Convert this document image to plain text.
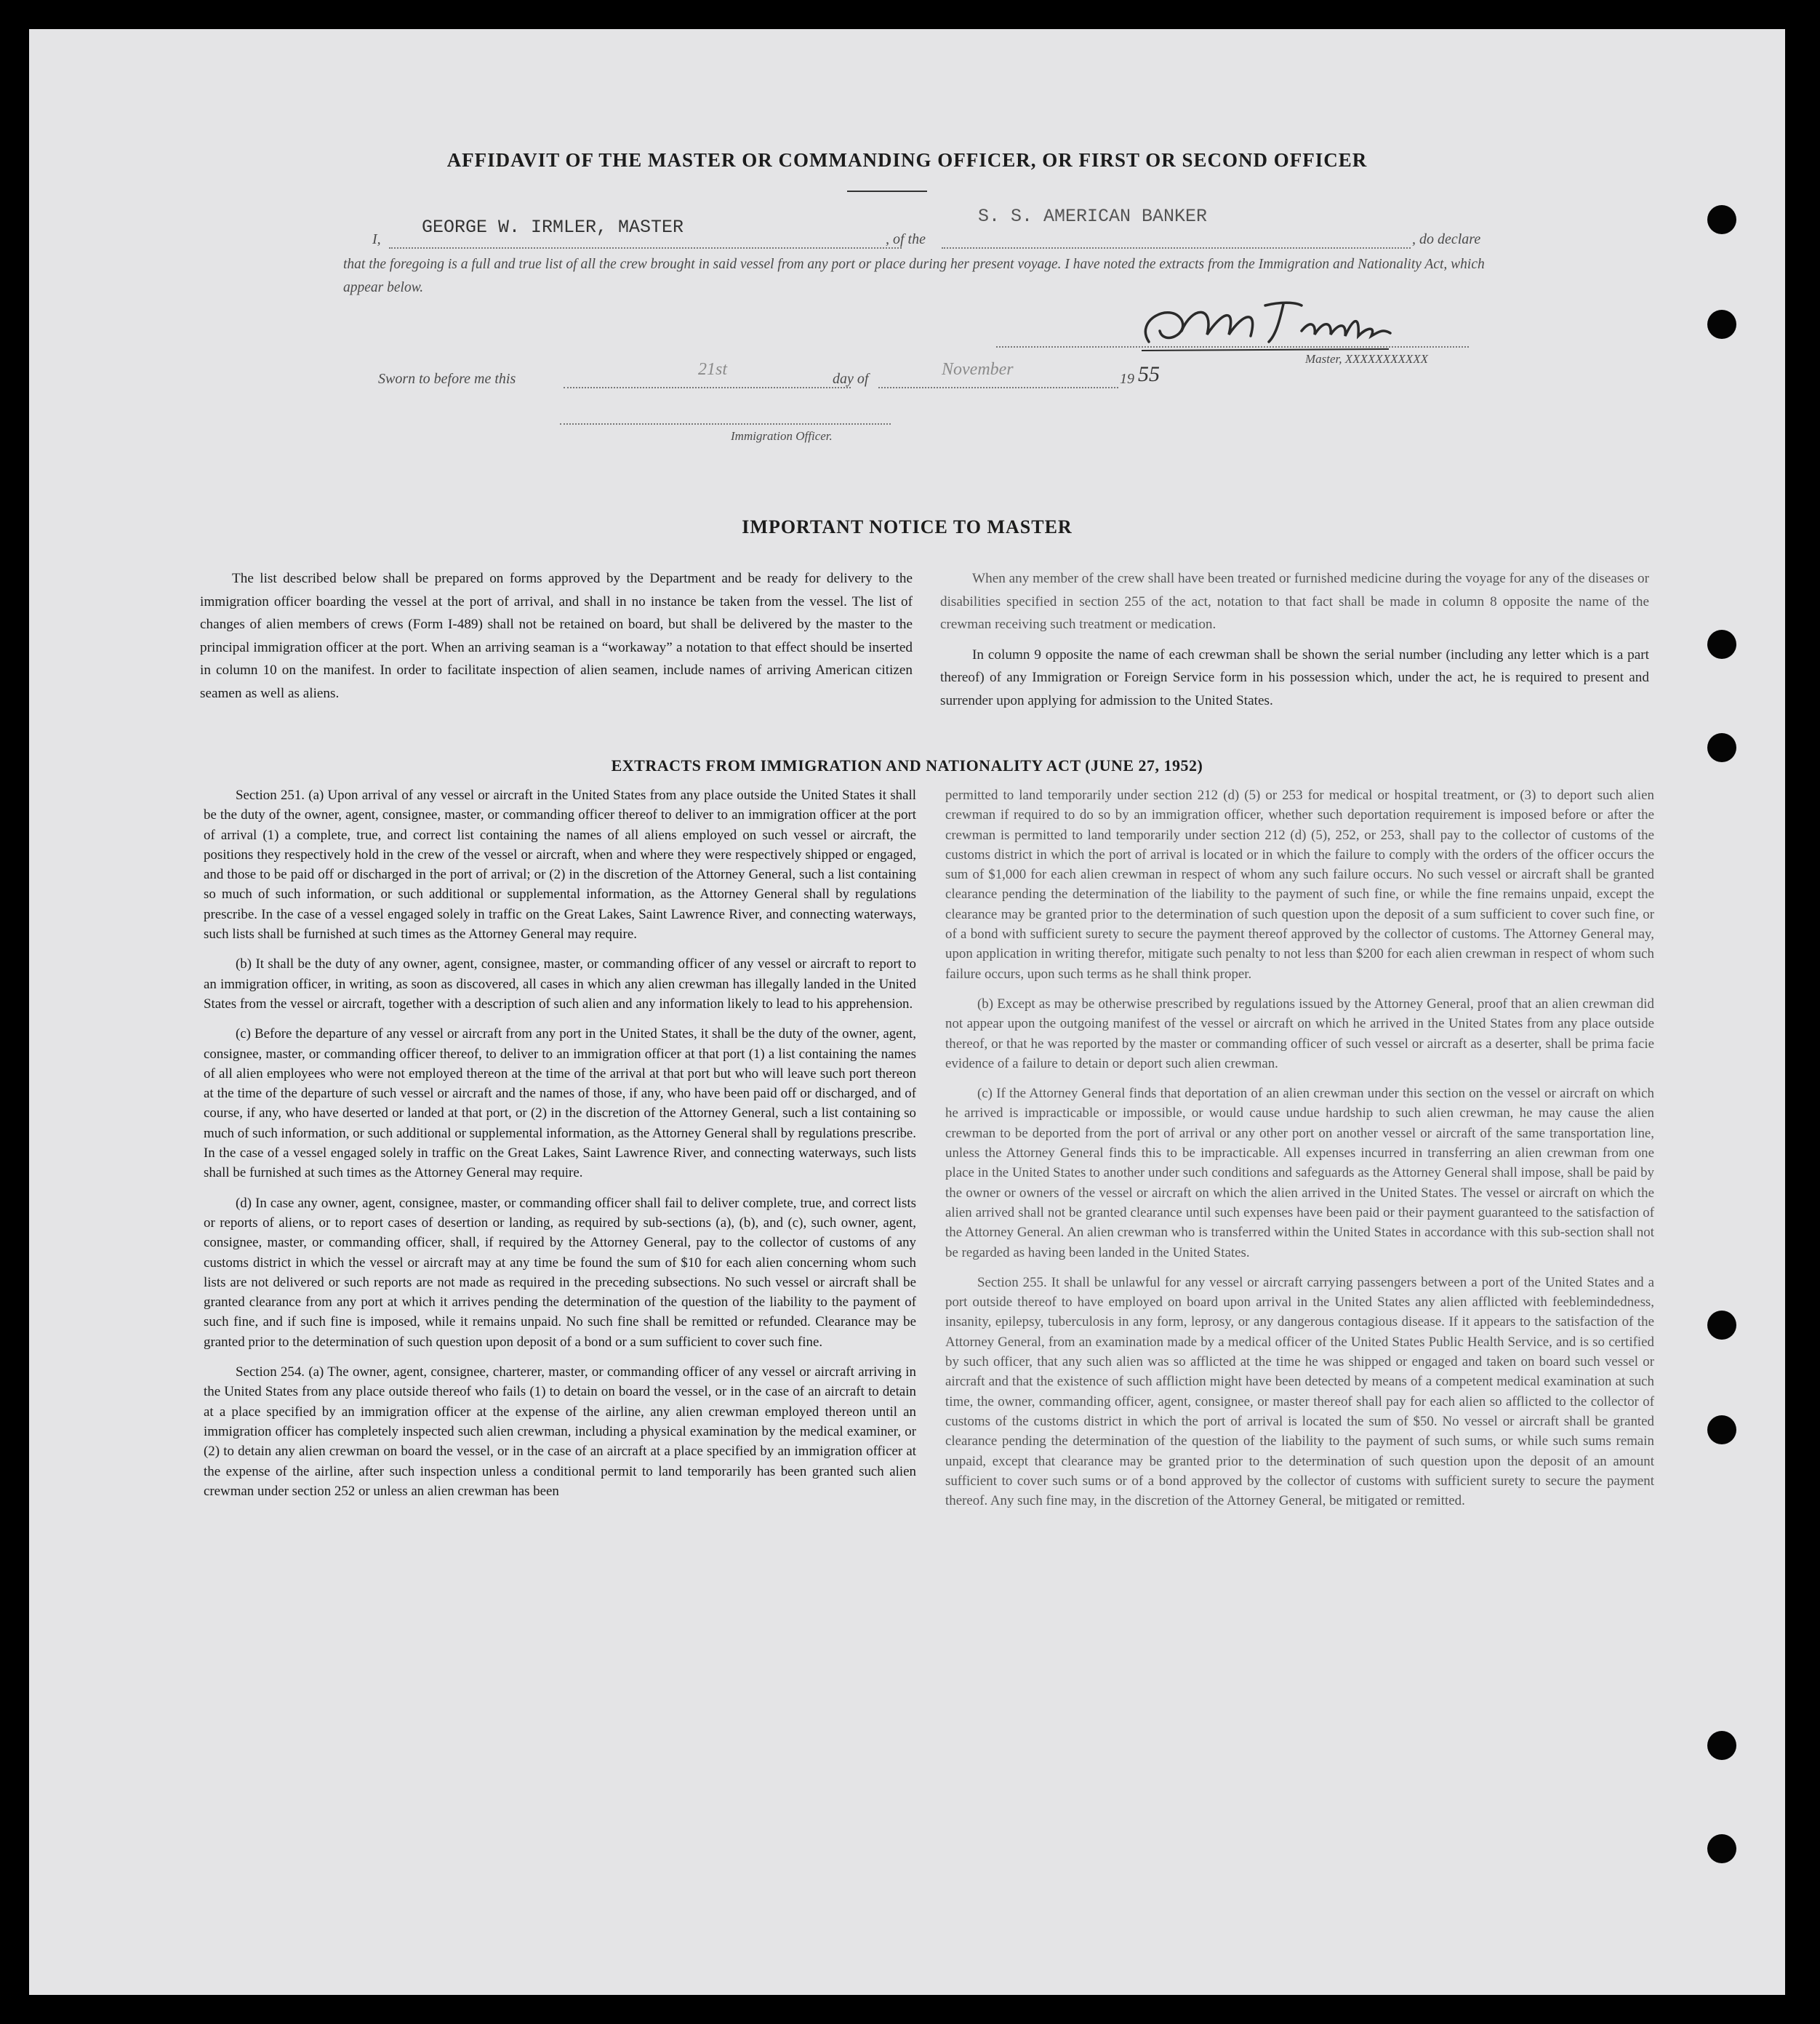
AFFIDAVIT OF THE MASTER OR COMMANDING OFFICER, OR FIRST OR SECOND OFFICER
I,
GEORGE W. IRMLER, MASTER
, of the
S. S. AMERICAN BANKER
, do declare
that the foregoing is a full and true list of all the crew brought in said vessel from any port or place during her present voyage. I have noted the extracts from the Immigration and Nationality Act, which appear below.
Master, XXXXXXXXXXX
Sworn to before me this	21st	day of	November	19 55
Immigration Officer.
IMPORTANT NOTICE TO MASTER

The list described below shall be prepared on forms approved by the Department and be ready for delivery to the immigration officer boarding the vessel at the port of arrival, and shall in no instance be taken from the vessel. The list of changes of alien members of crews (Form I-489) shall not be retained on board, but shall be delivered by the master to the principal immigration officer at the port. When an arriving seaman is a “workaway” a notation to that effect should be inserted in column 10 on the manifest. In order to facilitate inspection of alien seamen, include names of arriving American citizen seamen as well as aliens.

When any member of the crew shall have been treated or furnished medicine during the voyage for any of the diseases or disabilities specified in section 255 of the act, notation to that fact shall be made in column 8 opposite the name of the crewman receiving such treatment or medication.

In column 9 opposite the name of each crewman shall be shown the serial number (including any letter which is a part thereof) of any Immigration or Foreign Service form in his possession which, under the act, he is required to present and surrender upon applying for admission to the United States.

EXTRACTS FROM IMMIGRATION AND NATIONALITY ACT (JUNE 27, 1952)

Section 251. (a) Upon arrival of any vessel or aircraft in the United States from any place outside the United States it shall be the duty of the owner, agent, consignee, master, or commanding officer thereof to deliver to an immigration officer at the port of arrival (1) a complete, true, and correct list containing the names of all aliens employed on such vessel or aircraft, the positions they respectively hold in the crew of the vessel or aircraft, when and where they were respectively shipped or engaged, and those to be paid off or discharged in the port of arrival; or (2) in the discretion of the Attorney General, such a list containing so much of such information, or such additional or supplemental information, as the Attorney General shall by regulations prescribe. In the case of a vessel engaged solely in traffic on the Great Lakes, Saint Lawrence River, and connecting waterways, such lists shall be furnished at such times as the Attorney General may require.

(b) It shall be the duty of any owner, agent, consignee, master, or commanding officer of any vessel or aircraft to report to an immigration officer, in writing, as soon as discovered, all cases in which any alien crewman has illegally landed in the United States from the vessel or aircraft, together with a description of such alien and any information likely to lead to his apprehension.

(c) Before the departure of any vessel or aircraft from any port in the United States, it shall be the duty of the owner, agent, consignee, master, or commanding officer thereof, to deliver to an immigration officer at that port (1) a list containing the names of all alien employees who were not employed thereon at the time of the arrival at that port but who will leave such port thereon at the time of the departure of such vessel or aircraft and the names of those, if any, who have been paid off or discharged, and of course, if any, who have deserted or landed at that port, or (2) in the discretion of the Attorney General, such a list containing so much of such information, or such additional or supplemental information, as the Attorney General shall by regulations prescribe. In the case of a vessel engaged solely in traffic on the Great Lakes, Saint Lawrence River, and connecting waterways, such lists shall be furnished at such times as the Attorney General may require.

(d) In case any owner, agent, consignee, master, or commanding officer shall fail to deliver complete, true, and correct lists or reports of aliens, or to report cases of desertion or landing, as required by sub-sections (a), (b), and (c), such owner, agent, consignee, master, or commanding officer, shall, if required by the Attorney General, pay to the collector of customs of any customs district in which the vessel or aircraft may at any time be found the sum of $10 for each alien concerning whom such lists are not delivered or such reports are not made as required in the preceding subsections. No such vessel or aircraft shall be granted clearance from any port at which it arrives pending the determination of the question of the liability to the payment of such fine, and if such fine is imposed, while it remains unpaid. No such fine shall be remitted or refunded. Clearance may be granted prior to the determination of such question upon deposit of a bond or a sum sufficient to cover such fine.

Section 254. (a) The owner, agent, consignee, charterer, master, or commanding officer of any vessel or aircraft arriving in the United States from any place outside thereof who fails (1) to detain on board the vessel, or in the case of an aircraft to detain at a place specified by an immigration officer at the expense of the airline, any alien crewman employed thereon until an immigration officer has completely inspected such alien crewman, including a physical examination by the medical examiner, or (2) to detain any alien crewman on board the vessel, or in the case of an aircraft at a place specified by an immigration officer at the expense of the airline, after such inspection unless a conditional permit to land temporarily has been granted such alien crewman under section 252 or unless an alien crewman has been

permitted to land temporarily under section 212 (d) (5) or 253 for medical or hospital treatment, or (3) to deport such alien crewman if required to do so by an immigration officer, whether such deportation requirement is imposed before or after the crewman is permitted to land temporarily under section 212 (d) (5), 252, or 253, shall pay to the collector of customs of the customs district in which the port of arrival is located or in which the failure to comply with the orders of the officer occurs the sum of $1,000 for each alien crewman in respect of whom any such failure occurs. No such vessel or aircraft shall be granted clearance pending the determination of the liability to the payment of such fine, or while the fine remains unpaid, except the clearance may be granted prior to the determination of such question upon the deposit of a sum sufficient to cover such fine, or of a bond with sufficient surety to secure the payment thereof approved by the collector of customs. The Attorney General may, upon application in writing therefor, mitigate such penalty to not less than $200 for each alien crewman in respect of whom such failure occurs, upon such terms as he shall think proper.

(b) Except as may be otherwise prescribed by regulations issued by the Attorney General, proof that an alien crewman did not appear upon the outgoing manifest of the vessel or aircraft on which he arrived in the United States from any place outside thereof, or that he was reported by the master or commanding officer of such vessel or aircraft as a deserter, shall be prima facie evidence of a failure to detain or deport such alien crewman.

(c) If the Attorney General finds that deportation of an alien crewman under this section on the vessel or aircraft on which he arrived is impracticable or impossible, or would cause undue hardship to such alien crewman, he may cause the alien crewman to be deported from the port of arrival or any other port on another vessel or aircraft of the same transportation line, unless the Attorney General finds this to be impracticable. All expenses incurred in transferring an alien crewman from one place in the United States to another under such conditions and safeguards as the Attorney General shall impose, shall be paid by the owner or owners of the vessel or aircraft on which the alien arrived in the United States. The vessel or aircraft on which the alien arrived shall not be granted clearance until such expenses have been paid or their payment guaranteed to the satisfaction of the Attorney General. An alien crewman who is transferred within the United States in accordance with this sub-section shall not be regarded as having been landed in the United States.

Section 255. It shall be unlawful for any vessel or aircraft carrying passengers between a port of the United States and a port outside thereof to have employed on board upon arrival in the United States any alien afflicted with feeblemindedness, insanity, epilepsy, tuberculosis in any form, leprosy, or any dangerous contagious disease. If it appears to the satisfaction of the Attorney General, from an examination made by a medical officer of the United States Public Health Service, and is so certified by such officer, that any such alien was so afflicted at the time he was shipped or engaged and taken on board such vessel or aircraft and that the existence of such affliction might have been detected by means of a competent medical examination at such time, the owner, commanding officer, agent, consignee, or master thereof shall pay for each alien so afflicted to the collector of customs of the customs district in which the port of arrival is located the sum of $50. No vessel or aircraft shall be granted clearance pending the determination of the question of the liability to the payment of such sums, or while such sums remain unpaid, except that clearance may be granted prior to the determination of such question upon the deposit of an amount sufficient to cover such sums or of a bond approved by the collector of customs with sufficient surety to secure the payment thereof. Any such fine may, in the discretion of the Attorney General, be mitigated or remitted.
